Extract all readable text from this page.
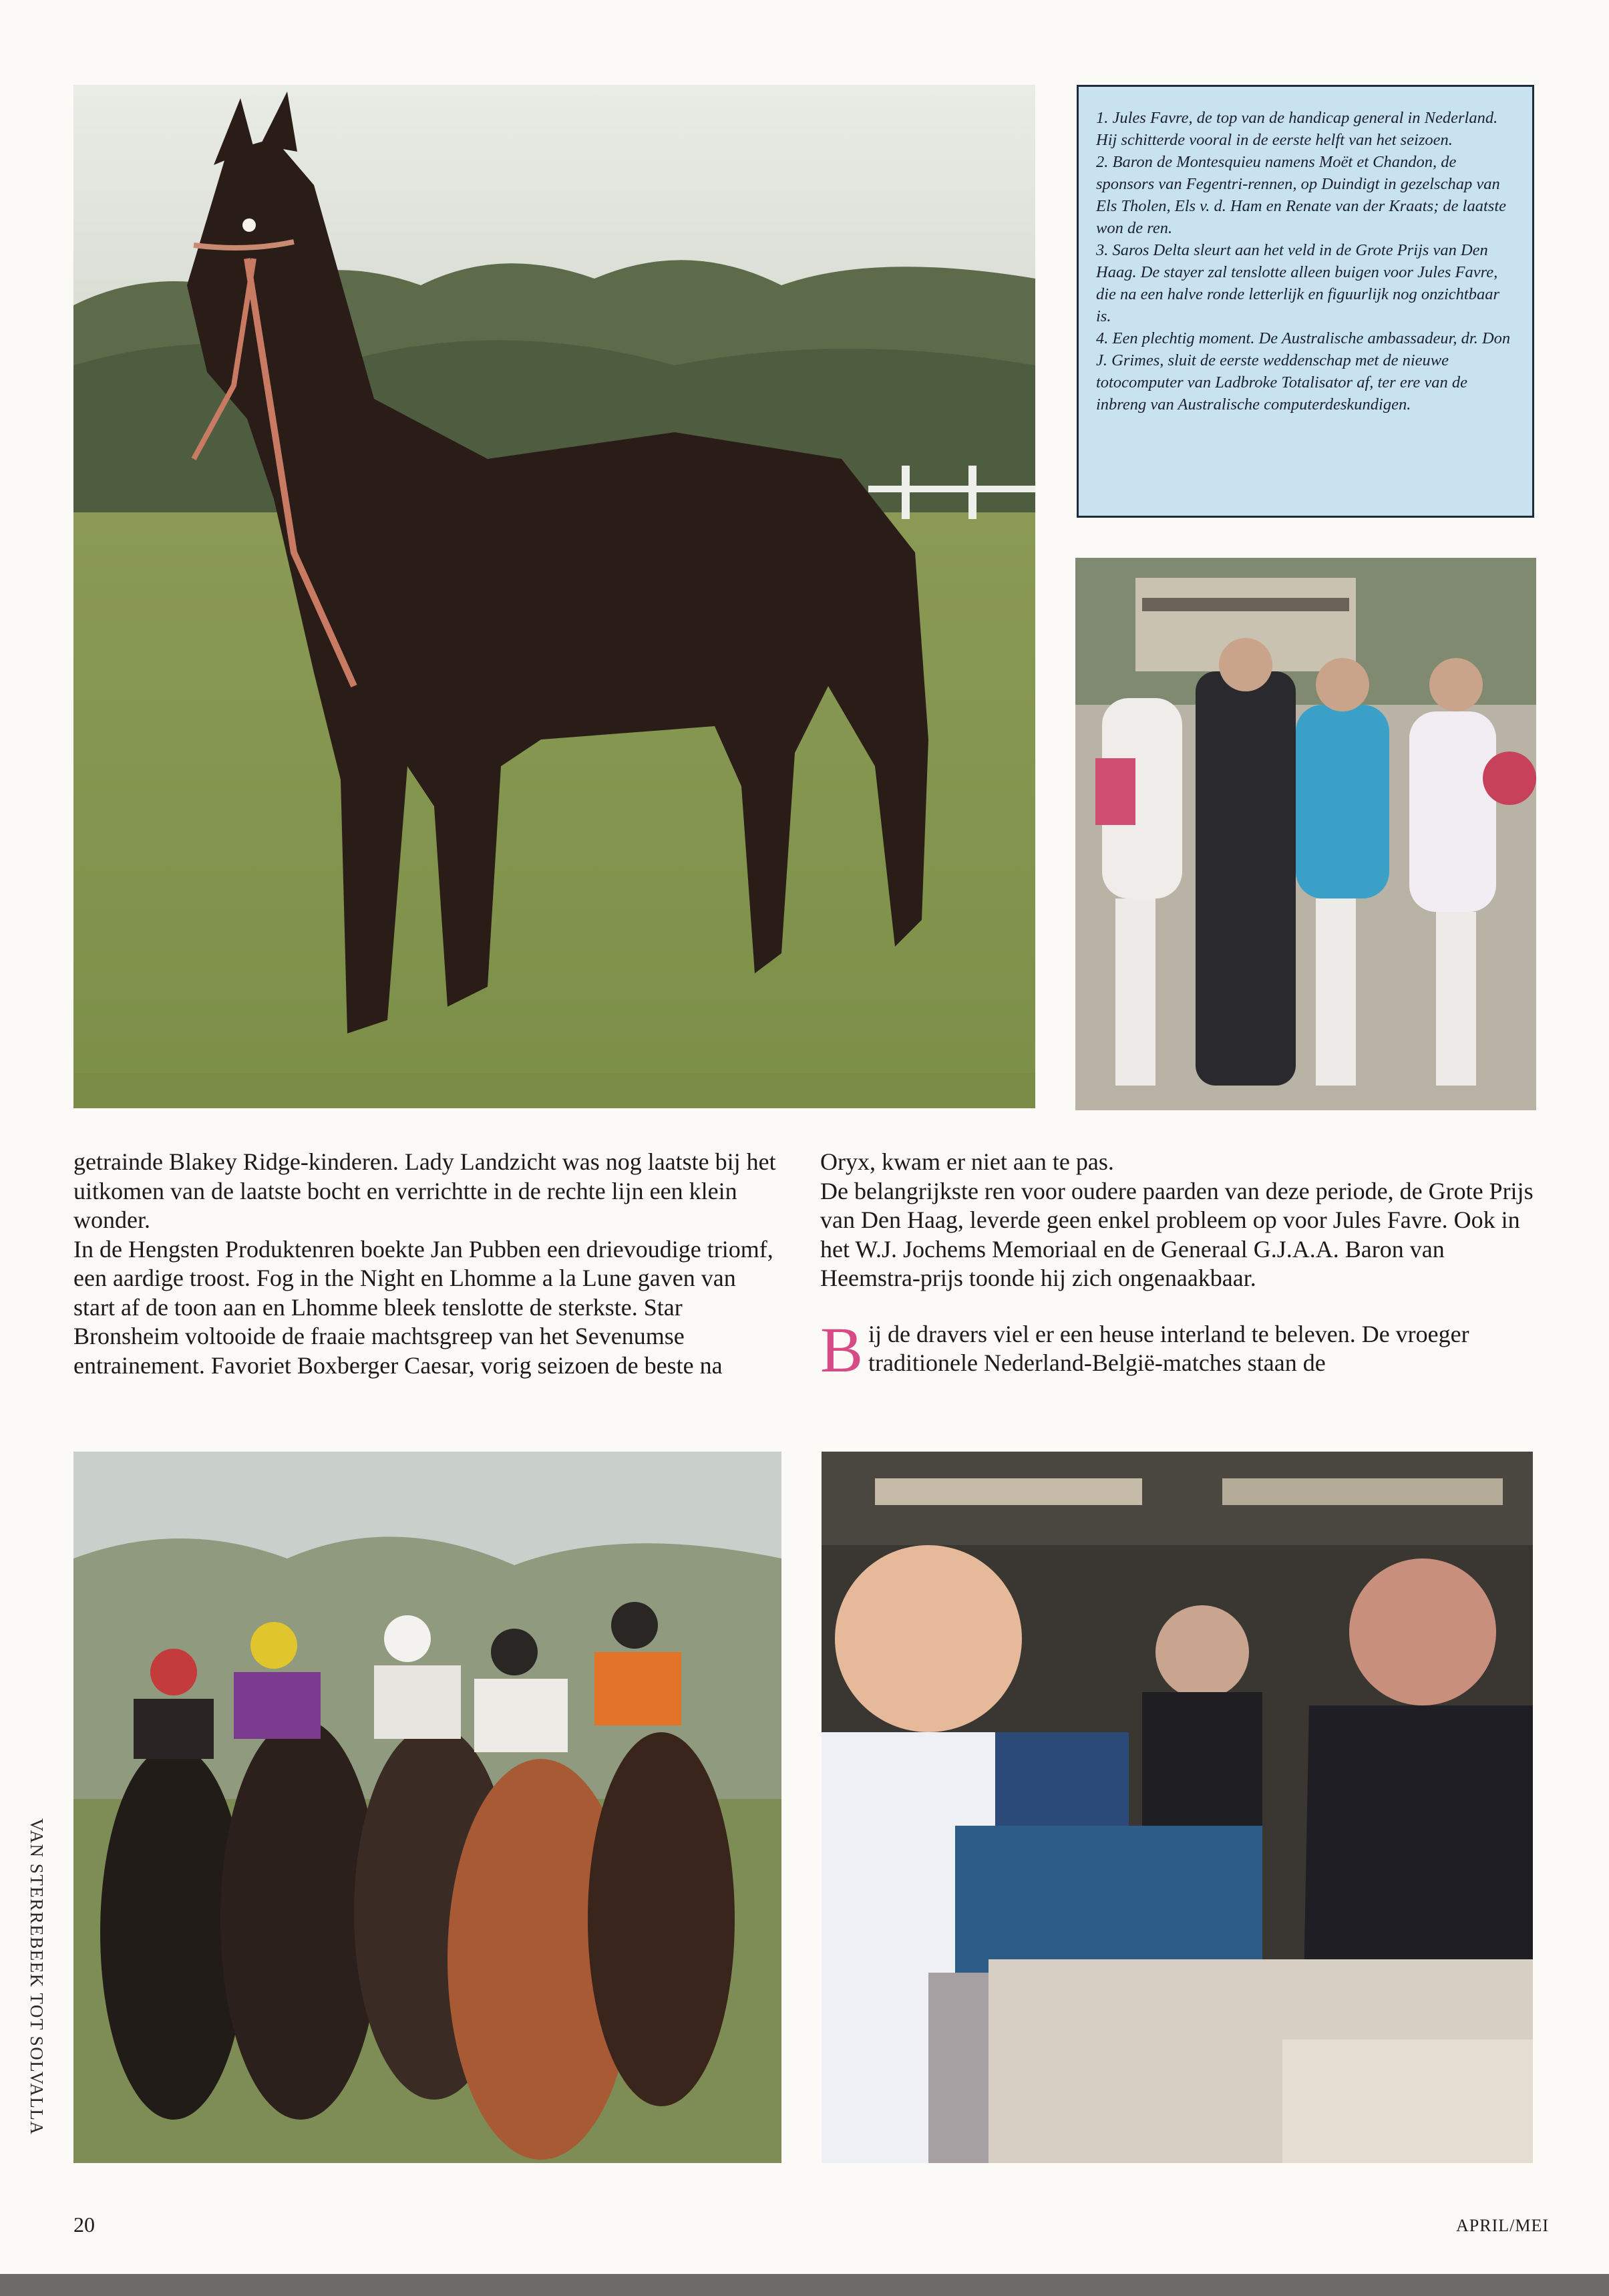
1. Jules Favre, de top van de handicap general in Nederland. Hij schitterde vooral in de eerste helft van het seizoen.

2. Baron de Montesquieu namens Moët et Chandon, de sponsors van Fegentri-rennen, op Duindigt in gezelschap van Els Tholen, Els v. d. Ham en Renate van der Kraats; de laatste won de ren.

3. Saros Delta sleurt aan het veld in de Grote Prijs van Den Haag. De stayer zal tenslotte alleen buigen voor Jules Favre, die na een halve ronde letterlijk en figuurlijk nog onzichtbaar is.

4. Een plechtig moment. De Australische ambassadeur, dr. Don J. Grimes, sluit de eerste weddenschap met de nieuwe totocomputer van Ladbroke Totalisator af, ter ere van de inbreng van Australische computerdeskundigen.

getrainde Blakey Ridge-kinderen. Lady Landzicht was nog laatste bij het uitkomen van de laatste bocht en verrichtte in de rechte lijn een klein wonder.

In de Hengsten Produktenren boekte Jan Pubben een drievoudige triomf, een aardige troost. Fog in the Night en Lhomme a la Lune gaven van start af de toon aan en Lhomme bleek tenslotte de sterkste. Star Bronsheim voltooide de fraaie machtsgreep van het Sevenumse entrainement. Favoriet Boxberger Caesar, vorig seizoen de beste na

Oryx, kwam er niet aan te pas.

De belangrijkste ren voor oudere paarden van deze periode, de Grote Prijs van Den Haag, leverde geen enkel probleem op voor Jules Favre. Ook in het W.J. Jochems Memoriaal en de Generaal G.J.A.A. Baron van Heemstra-prijs toonde hij zich ongenaakbaar.

Bij de dravers viel er een heuse interland te beleven. De vroeger traditionele Nederland-België-matches staan de

VAN STERREBEEK TOT SOLVALLA
20	APRIL/MEI
